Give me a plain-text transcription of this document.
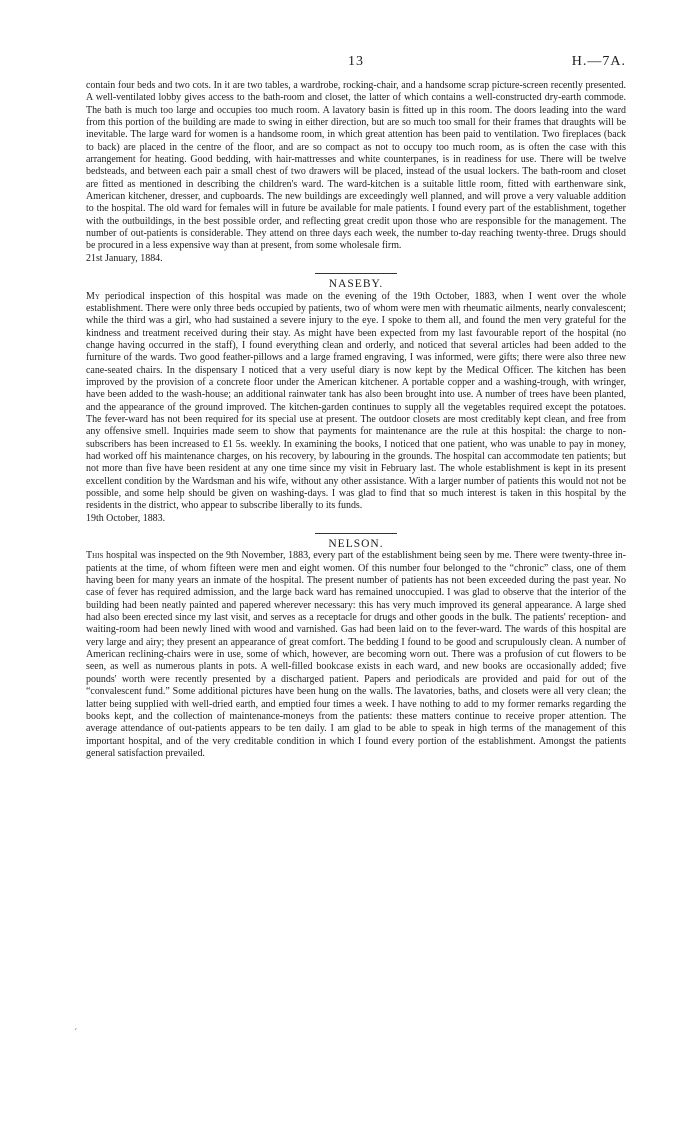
13	H.—7A.

contain four beds and two cots. In it are two tables, a wardrobe, rocking-chair, and a handsome scrap picture-screen recently presented. A well-ventilated lobby gives access to the bath-room and closet, the latter of which contains a well-constructed dry-earth commode. The bath is much too large and occupies too much room. A lavatory basin is fitted up in this room. The doors leading into the ward from this portion of the building are made to swing in either direction, but are so much too small for their frames that draughts will be inevitable. The large ward for women is a handsome room, in which great attention has been paid to ventilation. Two fireplaces (back to back) are placed in the centre of the floor, and are so compact as not to occupy too much room, as is often the case with this arrangement for heating. Good bedding, with hair-mattresses and white counterpanes, is in readiness for use. There will be twelve bedsteads, and between each pair a small chest of two drawers will be placed, instead of the usual lockers. The bath-room and closet are fitted as mentioned in describing the children's ward. The ward-kitchen is a suitable little room, fitted with earthenware sink, American kitchener, dresser, and cupboards. The new buildings are exceedingly well planned, and will prove a very valuable addition to the hospital. The old ward for females will in future be available for male patients. I found every part of the establishment, together with the outbuildings, in the best possible order, and reflecting great credit upon those who are responsible for the management. The number of out-patients is considerable. They attend on three days each week, the number to-day reaching twenty-three. Drugs should be procured in a less expensive way than at present, from some wholesale firm.

21st January, 1884.

NASEBY.

My periodical inspection of this hospital was made on the evening of the 19th October, 1883, when I went over the whole establishment. There were only three beds occupied by patients, two of whom were men with rheumatic ailments, nearly convalescent; while the third was a girl, who had sustained a severe injury to the eye. I spoke to them all, and found the men very grateful for the kindness and treatment received during their stay. As might have been expected from my last favourable report of the hospital (no change having occurred in the staff), I found everything clean and orderly, and noticed that several articles had been added to the furniture of the wards. Two good feather-pillows and a large framed engraving, I was informed, were gifts; there were also three new cane-seated chairs. In the dispensary I noticed that a very useful diary is now kept by the Medical Officer. The kitchen has been improved by the provision of a concrete floor under the American kitchener. A portable copper and a washing-trough, with wringer, have been added to the wash-house; an additional rainwater tank has also been brought into use. A number of trees have been planted, and the appearance of the ground improved. The kitchen-garden continues to supply all the vegetables required except the potatoes. The fever-ward has not been required for its special use at present. The outdoor closets are most creditably kept clean, and free from any offensive smell. Inquiries made seem to show that payments for maintenance are the rule at this hospital: the charge to non-subscribers has been increased to £1 5s. weekly. In examining the books, I noticed that one patient, who was unable to pay in money, had worked off his maintenance charges, on his recovery, by labouring in the grounds. The hospital can accommodate ten patients; but not more than five have been resident at any one time since my visit in February last. The whole establishment is kept in its present excellent condition by the Wardsman and his wife, without any other assistance. With a larger number of patients this would not not be possible, and some help should be given on washing-days. I was glad to find that so much interest is taken in this hospital by the residents in the district, who appear to subscribe liberally to its funds.

19th October, 1883.

NELSON.

This hospital was inspected on the 9th November, 1883, every part of the establishment being seen by me. There were twenty-three in-patients at the time, of whom fifteen were men and eight women. Of this number four belonged to the “chronic” class, one of them having been for many years an inmate of the hospital. The present number of patients has not been exceeded during the past year. No case of fever has required admission, and the large back ward has remained unoccupied. I was glad to observe that the interior of the building had been neatly painted and papered wherever necessary: this has very much improved its general appearance. A large shed had also been erected since my last visit, and serves as a receptacle for drugs and other goods in the bulk. The patients' reception- and waiting-room had been newly lined with wood and varnished. Gas had been laid on to the fever-ward. The wards of this hospital are very large and airy; they present an appearance of great comfort. The bedding I found to be good and scrupulously clean. A number of American reclining-chairs were in use, some of which, however, are becoming worn out. There was a profusion of cut flowers to be seen, as well as numerous plants in pots. A well-filled bookcase exists in each ward, and new books are occasionally added; five pounds' worth were recently presented by a discharged patient. Papers and periodicals are provided and paid for out of the “convalescent fund.” Some additional pictures have been hung on the walls. The lavatories, baths, and closets were all very clean; the latter being supplied with well-dried earth, and emptied four times a week. I have nothing to add to my former remarks regarding the books kept, and the collection of maintenance-moneys from the patients: these matters continue to receive proper attention. The average attendance of out-patients appears to be ten daily. I am glad to be able to speak in high terms of the management of this important hospital, and of the very creditable condition in which I found every portion of the establishment. Amongst the patients general satisfaction prevailed.

´
